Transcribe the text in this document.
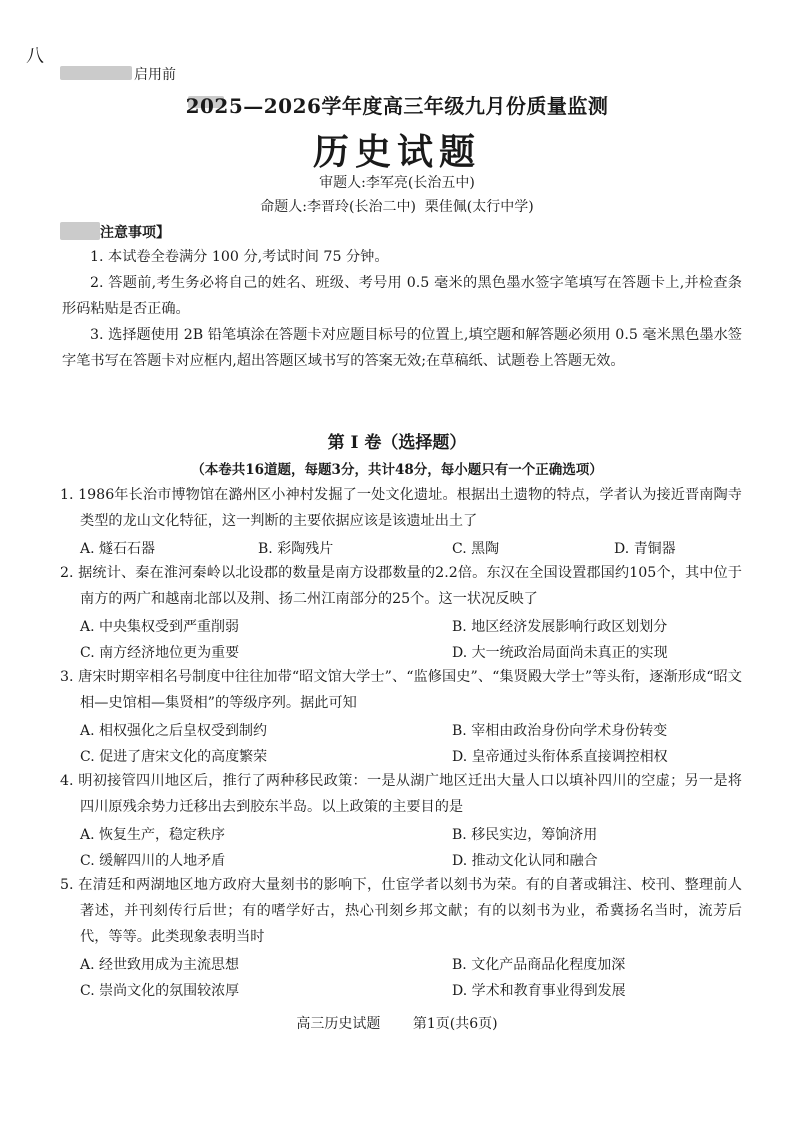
八
启用前
2025—2026学年度高三年级九月份质量监测
历史试题
审题人:李军亮(长治五中)
命题人:李晋玲(长治二中)  栗佳佩(太行中学)
注意事项】
1. 本试卷全卷满分 100 分,考试时间 75 分钟。
2. 答题前,考生务必将自己的姓名、班级、考号用 0.5 毫米的黑色墨水签字笔填写在答题卡上,并检查条形码粘贴是否正确。
3. 选择题使用 2B 铅笔填涂在答题卡对应题目标号的位置上,填空题和解答题必须用 0.5 毫米黑色墨水签字笔书写在答题卡对应框内,超出答题区域书写的答案无效;在草稿纸、试题卷上答题无效。
第 Ⅰ 卷（选择题）
（本卷共16道题，每题3分，共计48分，每小题只有一个正确选项）
1. 1986年长治市博物馆在潞州区小神村发掘了一处文化遗址。根据出土遗物的特点，学者认为接近晋南陶寺类型的龙山文化特征，这一判断的主要依据应该是该遗址出土了
A. 燧石石器	B. 彩陶残片	C. 黑陶	D. 青铜器
2. 据统计、秦在淮河秦岭以北设郡的数量是南方设郡数量的2.2倍。东汉在全国设置郡国约105个，其中位于南方的两广和越南北部以及荆、扬二州江南部分的25个。这一状况反映了
A. 中央集权受到严重削弱	B. 地区经济发展影响行政区划划分
C. 南方经济地位更为重要	D. 大一统政治局面尚未真正的实现
3. 唐宋时期宰相名号制度中往往加带“昭文馆大学士”、“监修国史”、“集贤殿大学士”等头衔，逐渐形成“昭文相—史馆相—集贤相”的等级序列。据此可知
A. 相权强化之后皇权受到制约	B. 宰相由政治身份向学术身份转变
C. 促进了唐宋文化的高度繁荣	D. 皇帝通过头衔体系直接调控相权
4. 明初接管四川地区后，推行了两种移民政策：一是从湖广地区迁出大量人口以填补四川的空虚；另一是将四川原残余势力迁移出去到胶东半岛。以上政策的主要目的是
A. 恢复生产，稳定秩序	B. 移民实边，筹饷济用
C. 缓解四川的人地矛盾	D. 推动文化认同和融合
5. 在清廷和两湖地区地方政府大量刻书的影响下，仕宦学者以刻书为荣。有的自著或辑注、校刊、整理前人著述，并刊刻传行后世；有的嗜学好古，热心刊刻乡邦文献；有的以刻书为业，希冀扬名当时，流芳后代，等等。此类现象表明当时
A. 经世致用成为主流思想	B. 文化产品商品化程度加深
C. 崇尚文化的氛围较浓厚	D. 学术和教育事业得到发展
高三历史试题 第1页(共6页)
